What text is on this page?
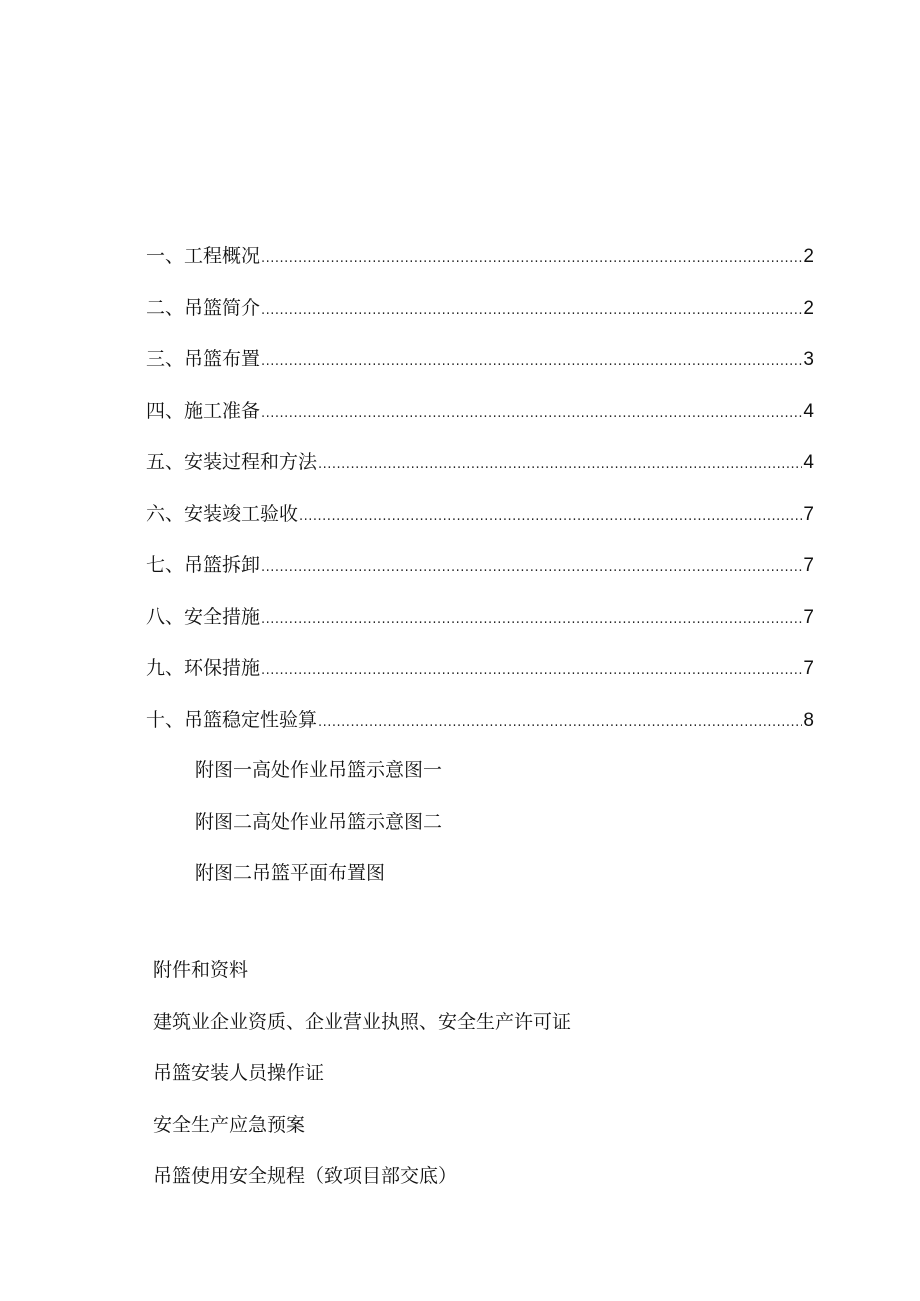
一、工程概况 .....	2
二、吊篮简介 .....	2
三、吊篮布置 .....	3
四、施工准备 .....	4
五、安装过程和方法 .....	4
六、安装竣工验收 .....	7
七、吊篮拆卸 .....	7
八、安全措施 .....	7
九、环保措施 .....	7
十、吊篮稳定性验算 .....	8
附图一高处作业吊篮示意图一
附图二高处作业吊篮示意图二
附图二吊篮平面布置图
附件和资料
建筑业企业资质、企业营业执照、安全生产许可证
吊篮安装人员操作证
安全生产应急预案
吊篮使用安全规程（致项目部交底）
